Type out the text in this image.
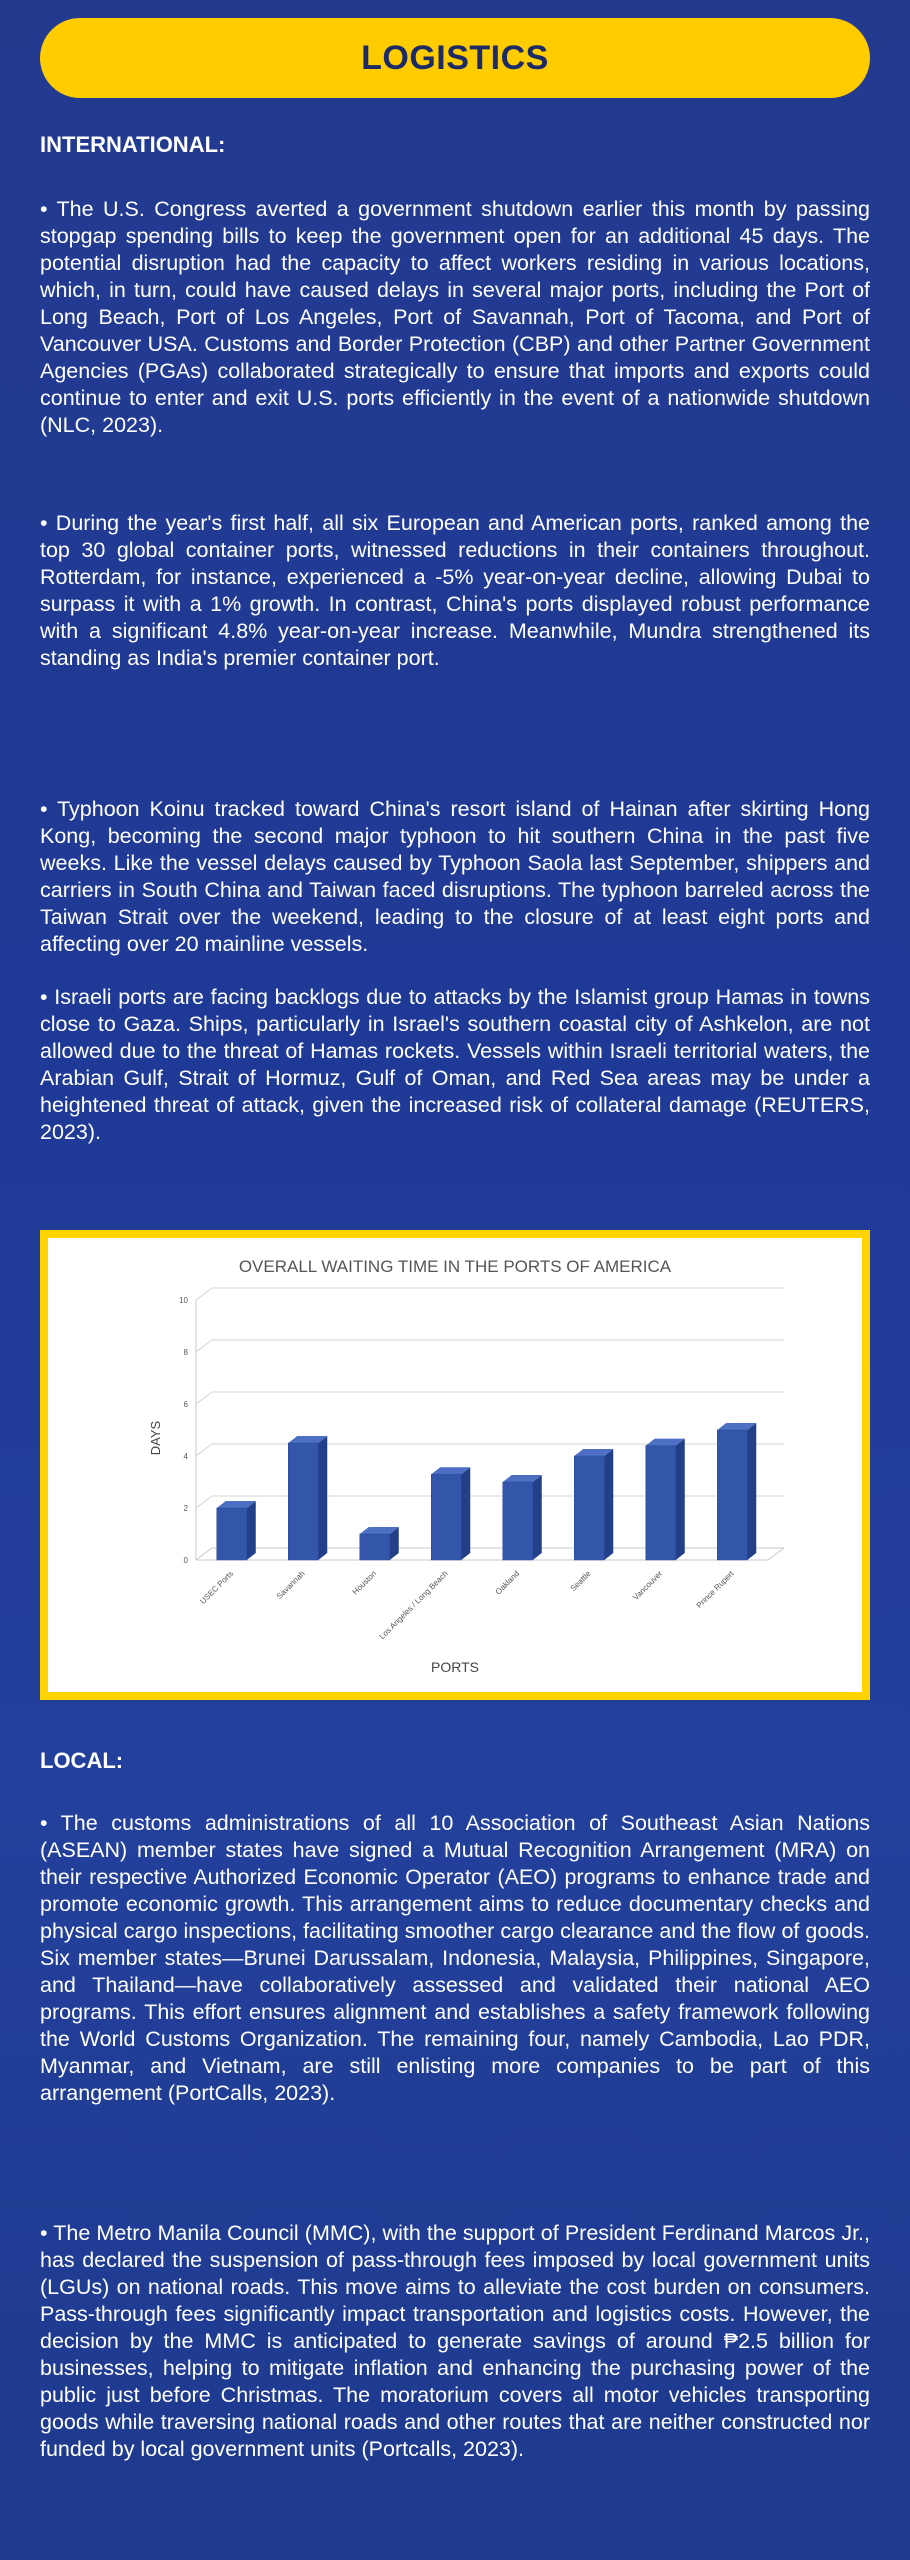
LOGISTICS
INTERNATIONAL:

• The U.S. Congress averted a government shutdown earlier this month by passing stopgap spending bills to keep the government open for an additional 45 days. The potential disruption had the capacity to affect workers residing in various locations, which, in turn, could have caused delays in several major ports, including the Port of Long Beach, Port of Los Angeles, Port of Savannah, Port of Tacoma, and Port of Vancouver USA. Customs and Border Protection (CBP) and other Partner Government Agencies (PGAs) collaborated strategically to ensure that imports and exports could continue to enter and exit U.S. ports efficiently in the event of a nationwide shutdown (NLC, 2023).

• During the year's first half, all six European and American ports, ranked among the top 30 global container ports, witnessed reductions in their containers throughout. Rotterdam, for instance, experienced a -5% year-on-year decline, allowing Dubai to surpass it with a 1% growth. In contrast, China's ports displayed robust performance with a significant 4.8% year-on-year increase. Meanwhile, Mundra strengthened its standing as India's premier container port.

• Typhoon Koinu tracked toward China's resort island of Hainan after skirting Hong Kong, becoming the second major typhoon to hit southern China in the past five weeks. Like the vessel delays caused by Typhoon Saola last September, shippers and carriers in South China and Taiwan faced disruptions. The typhoon barreled across the Taiwan Strait over the weekend, leading to the closure of at least eight ports and affecting over 20 mainline vessels.

• Israeli ports are facing backlogs due to attacks by the Islamist group Hamas in towns close to Gaza. Ships, particularly in Israel's southern coastal city of Ashkelon, are not allowed due to the threat of Hamas rockets. Vessels within Israeli territorial waters, the Arabian Gulf, Strait of Hormuz, Gulf of Oman, and Red Sea areas may be under a heightened threat of attack, given the increased risk of collateral damage (REUTERS, 2023).

OVERALL WAITING TIME IN THE PORTS OF AMERICA
0
2
4
6
8
10
USEC Ports	Savannah	Houston Los Angeles / Long Beach	Oakland	Seattle	Vancouver	Prince Rupert
PORTS
DAYS
LOCAL:

• The customs administrations of all 10 Association of Southeast Asian Nations (ASEAN) member states have signed a Mutual Recognition Arrangement (MRA) on their respective Authorized Economic Operator (AEO) programs to enhance trade and promote economic growth. This arrangement aims to reduce documentary checks and physical cargo inspections, facilitating smoother cargo clearance and the flow of goods. Six member states—Brunei Darussalam, Indonesia, Malaysia, Philippines, Singapore, and Thailand—have collaboratively assessed and validated their national AEO programs. This effort ensures alignment and establishes a safety framework following the World Customs Organization. The remaining four, namely Cambodia, Lao PDR, Myanmar, and Vietnam, are still enlisting more companies to be part of this arrangement (PortCalls, 2023).

• The Metro Manila Council (MMC), with the support of President Ferdinand Marcos Jr., has declared the suspension of pass-through fees imposed by local government units (LGUs) on national roads. This move aims to alleviate the cost burden on consumers. Pass-through fees significantly impact transportation and logistics costs. However, the decision by the MMC is anticipated to generate savings of around ₱2.5 billion for businesses, helping to mitigate inflation and enhancing the purchasing power of the public just before Christmas. The moratorium covers all motor vehicles transporting goods while traversing national roads and other routes that are neither constructed nor funded by local government units (Portcalls, 2023).
